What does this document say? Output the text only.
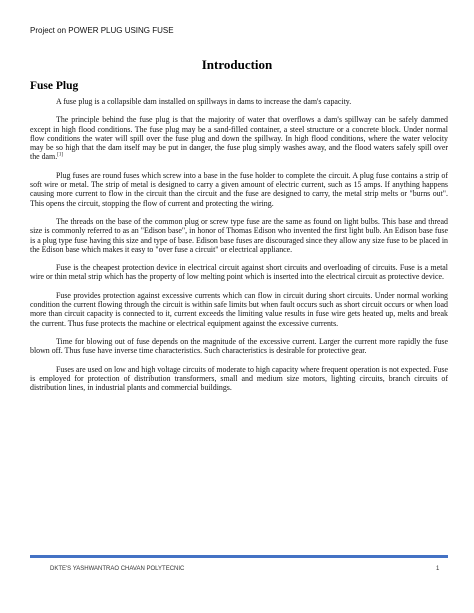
Project on POWER PLUG USING FUSE
Introduction
Fuse Plug

A fuse plug is a collapsible dam installed on spillways in dams to increase the dam's capacity.

The principle behind the fuse plug is that the majority of water that overflows a dam's spillway can be safely dammed except in high flood conditions. The fuse plug may be a sand-filled container, a steel structure or a concrete block. Under normal flow conditions the water will spill over the fuse plug and down the spillway. In high flood conditions, where the water velocity may be so high that the dam itself may be put in danger, the fuse plug simply washes away, and the flood waters safely spill over the dam.[1]

Plug fuses are round fuses which screw into a base in the fuse holder to complete the circuit. A plug fuse contains a strip of soft wire or metal. The strip of metal is designed to carry a given amount of electric current, such as 15 amps. If anything happens causing more current to flow in the circuit than the circuit and the fuse are designed to carry, the metal strip melts or "burns out". This opens the circuit, stopping the flow of current and protecting the wiring.

The threads on the base of the common plug or screw type fuse are the same as found on light bulbs. This base and thread size is commonly referred to as an "Edison base", in honor of Thomas Edison who invented the first light bulb. An Edison base fuse is a plug type fuse having this size and type of base. Edison base fuses are discouraged since they allow any size fuse to be placed in the Edison base which makes it easy to "over fuse a circuit" or electrical appliance.

Fuse is the cheapest protection device in electrical circuit against short circuits and overloading of circuits. Fuse is a metal wire or thin metal strip which has the property of low melting point which is inserted into the electrical circuit as protective device.

Fuse provides protection against excessive currents which can flow in circuit during short circuits. Under normal working condition the current flowing through the circuit is within safe limits but when fault occurs such as short circuit occurs or when load more than circuit capacity is connected to it, current exceeds the limiting value results in fuse wire gets heated up, melts and break the current. Thus fuse protects the machine or electrical equipment against the excessive currents.

Time for blowing out of fuse depends on the magnitude of the excessive current. Larger the current more rapidly the fuse blown off. Thus fuse have inverse time characteristics. Such characteristics is desirable for protective gear.

Fuses are used on low and high voltage circuits of moderate to high capacity where frequent operation is not expected. Fuse is employed for protection of distribution transformers, small and medium size motors, lighting circuits, branch circuits of distribution lines, in industrial plants and commercial buildings.

DKTE'S YASHWANTRAO CHAVAN POLYTECNIC	1
